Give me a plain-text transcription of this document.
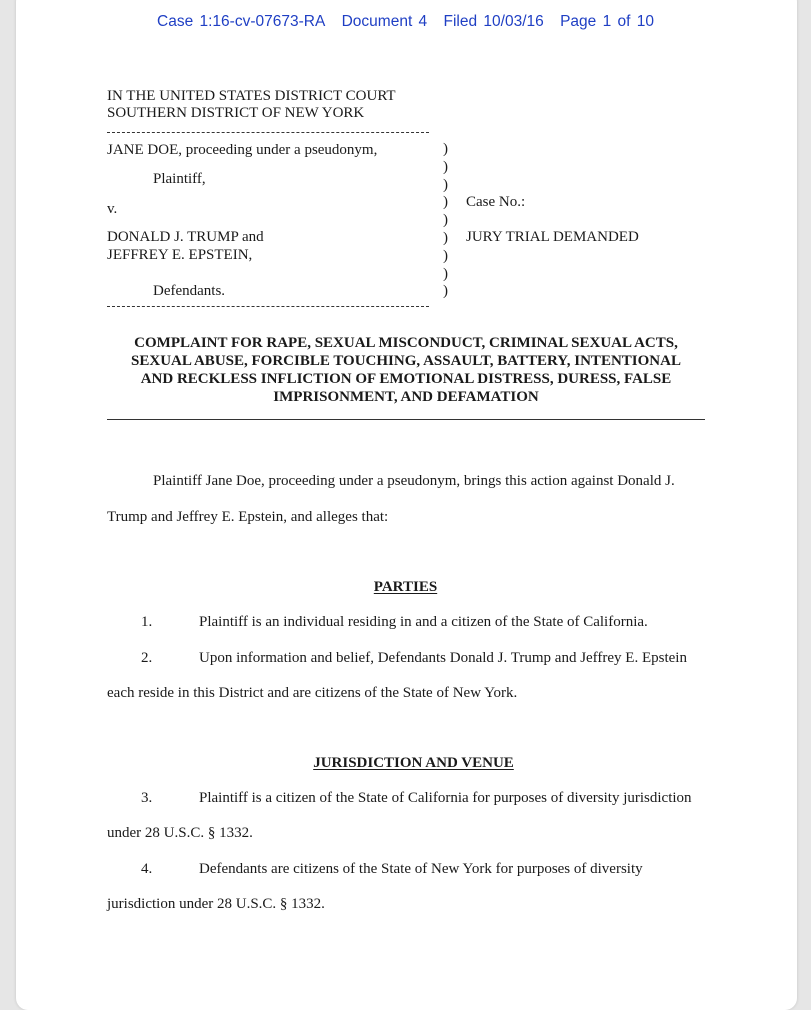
Case 1:16-cv-07673-RA Document 4 Filed 10/03/16 Page 1 of 10
IN THE UNITED STATES DISTRICT COURT
SOUTHERN DISTRICT OF NEW YORK
JANE DOE, proceeding under a pseudonym,
Plaintiff,
v.
DONALD J. TRUMP and
JEFFREY E. EPSTEIN,
Defendants.
)
)
)
)
)
)
)
)
)
Case No.:
JURY TRIAL DEMANDED
COMPLAINT FOR RAPE, SEXUAL MISCONDUCT, CRIMINAL SEXUAL ACTS,
SEXUAL ABUSE, FORCIBLE TOUCHING, ASSAULT, BATTERY, INTENTIONAL
AND RECKLESS INFLICTION OF EMOTIONAL DISTRESS, DURESS, FALSE
IMPRISONMENT, AND DEFAMATION
Plaintiff Jane Doe, proceeding under a pseudonym, brings this action against Donald J.
Trump and Jeffrey E. Epstein, and alleges that:
PARTIES
1.	Plaintiff is an individual residing in and a citizen of the State of California.
2.	Upon information and belief, Defendants Donald J. Trump and Jeffrey E. Epstein
each reside in this District and are citizens of the State of New York.
JURISDICTION AND VENUE
3.	Plaintiff is a citizen of the State of California for purposes of diversity jurisdiction
under 28 U.S.C. § 1332.
4.	Defendants are citizens of the State of New York for purposes of diversity
jurisdiction under 28 U.S.C. § 1332.
